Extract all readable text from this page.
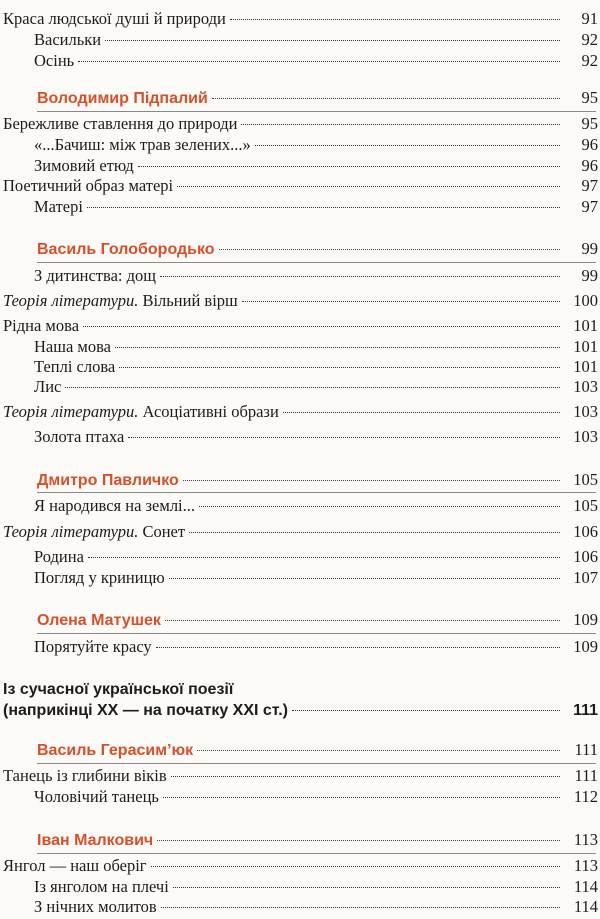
Краса людської душі й природи	91
Васильки	92
Осінь	92
Володимир Підпалий	95
Бережливе ставлення до природи	95
«...Бачиш: між трав зелених...»	96
Зимовий етюд	96
Поетичний образ матері	97
Матері	97
Василь Голобородько	99
З дитинства: дощ	99
Теорія літератури. Вільний вірш	100
Рідна мова	101
Наша мова	101
Теплі слова	101
Лис	103
Теорія літератури. Асоціативні образи	103
Золота птаха	103
Дмитро Павличко	105
Я народився на землі...	105
Теорія літератури. Сонет	106
Родина	106
Погляд у криницю	107
Олена Матушек	109
Порятуйте красу	109
Із сучасної української поезії
(наприкінці XX — на початку XXI ст.)	111
Василь Герасим’юк	111
Танець із глибини віків	111
Чоловічий танець	112
Іван Малкович	113
Янгол — наш оберіг	113
Із янголом на плечі	114
З нічних молитов	114
